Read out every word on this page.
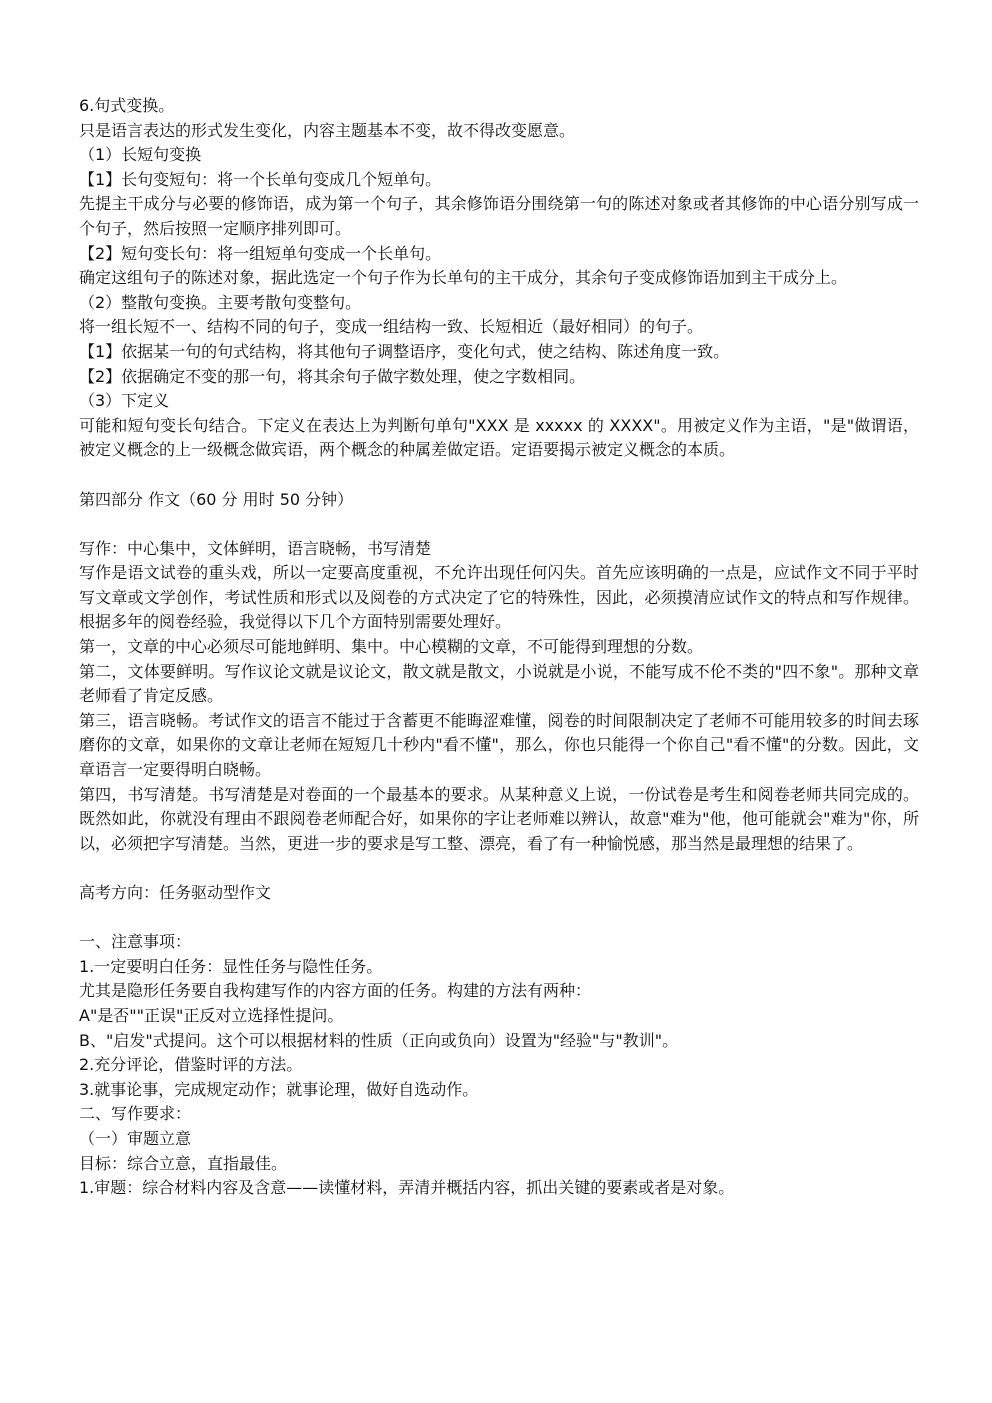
6.句式变换。

只是语言表达的形式发生变化，内容主题基本不变，故不得改变愿意。

（1）长短句变换

【1】长句变短句：将一个长单句变成几个短单句。

先提主干成分与必要的修饰语，成为第一个句子，其余修饰语分围绕第一句的陈述对象或者其修饰的中心语分别写成一个句子，然后按照一定顺序排列即可。

【2】短句变长句：将一组短单句变成一个长单句。

确定这组句子的陈述对象，据此选定一个句子作为长单句的主干成分，其余句子变成修饰语加到主干成分上。

（2）整散句变换。主要考散句变整句。

将一组长短不一、结构不同的句子，变成一组结构一致、长短相近（最好相同）的句子。

【1】依据某一句的句式结构，将其他句子调整语序，变化句式，使之结构、陈述角度一致。

【2】依据确定不变的那一句，将其余句子做字数处理，使之字数相同。

（3）下定义

可能和短句变长句结合。下定义在表达上为判断句单句"XXX 是 xxxxx 的 XXXX"。用被定义作为主语，"是"做谓语，被定义概念的上一级概念做宾语，两个概念的种属差做定语。定语要揭示被定义概念的本质。

第四部分 作文（60 分 用时 50 分钟）

写作：中心集中，文体鲜明，语言晓畅，书写清楚

写作是语文试卷的重头戏，所以一定要高度重视，不允许出现任何闪失。首先应该明确的一点是，应试作文不同于平时写文章或文学创作，考试性质和形式以及阅卷的方式决定了它的特殊性，因此，必须摸清应试作文的特点和写作规律。根据多年的阅卷经验，我觉得以下几个方面特别需要处理好。

第一，文章的中心必须尽可能地鲜明、集中。中心模糊的文章，不可能得到理想的分数。

第二，文体要鲜明。写作议论文就是议论文，散文就是散文，小说就是小说，不能写成不伦不类的"四不象"。那种文章老师看了肯定反感。

第三，语言晓畅。考试作文的语言不能过于含蓄更不能晦涩难懂，阅卷的时间限制决定了老师不可能用较多的时间去琢磨你的文章，如果你的文章让老师在短短几十秒内"看不懂"，那么，你也只能得一个你自己"看不懂"的分数。因此，文章语言一定要得明白晓畅。

第四，书写清楚。书写清楚是对卷面的一个最基本的要求。从某种意义上说，一份试卷是考生和阅卷老师共同完成的。既然如此，你就没有理由不跟阅卷老师配合好，如果你的字让老师难以辨认，故意"难为"他，他可能就会"难为"你，所以，必须把字写清楚。当然，更进一步的要求是写工整、漂亮，看了有一种愉悦感，那当然是最理想的结果了。

高考方向：任务驱动型作文

一、注意事项：

1.一定要明白任务：显性任务与隐性任务。

尤其是隐形任务要自我构建写作的内容方面的任务。构建的方法有两种：

A"是否""正误"正反对立选择性提问。

B、"启发"式提问。这个可以根据材料的性质（正向或负向）设置为"经验"与"教训"。

2.充分评论，借鉴时评的方法。

3.就事论事，完成规定动作；就事论理，做好自选动作。

二、写作要求：

（一）审题立意

目标：综合立意，直指最佳。

1.审题：综合材料内容及含意——读懂材料，弄清并概括内容，抓出关键的要素或者是对象。
